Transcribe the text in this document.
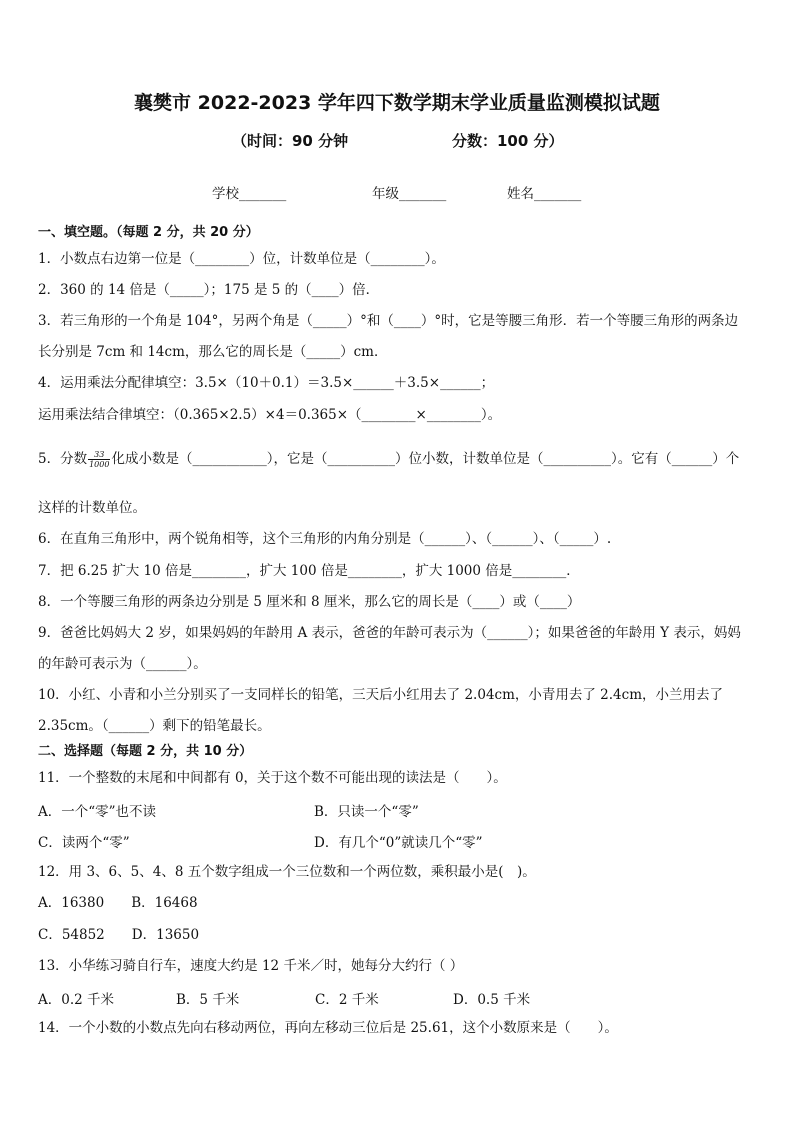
襄樊市 2022-2023 学年四下数学期末学业质量监测模拟试题
（时间：90 分钟	分数：100 分）
学校_______	年级_______	姓名_______
一、填空题。（每题 2 分，共 20 分）
1．小数点右边第一位是（________）位，计数单位是（________）。
2．360 的 14 倍是（_____）；175 是 5 的（____）倍．
3．若三角形的一个角是 104°，另两个角是（_____）°和（____）°时，它是等腰三角形．若一个等腰三角形的两条边
长分别是 7cm 和 14cm，那么它的周长是（_____）cm．
4．运用乘法分配律填空：3.5×（10＋0.1）＝3.5×______＋3.5×______；
运用乘法结合律填空：（0.365×2.5）×4＝0.365×（________×________）。
5．分数 $\frac{33}{1000}$ 化成小数是（___________），它是（__________）位小数，计数单位是（__________）。它有（______）个
这样的计数单位。
6．在直角三角形中，两个锐角相等，这个三角形的内角分别是（______）、（______）、（_____）.
7．把 6.25 扩大 10 倍是________，扩大 100 倍是________，扩大 1000 倍是________．
8．一个等腰三角形的两条边分别是 5 厘米和 8 厘米，那么它的周长是（____）或（____）
9．爸爸比妈妈大 2 岁，如果妈妈的年龄用 A 表示，爸爸的年龄可表示为（______）；如果爸爸的年龄用 Y 表示，妈妈
的年龄可表示为（______）。
10．小红、小青和小兰分别买了一支同样长的铅笔，三天后小红用去了 2.04cm，小青用去了 2.4cm，小兰用去了
2.35cm。（______）剩下的铅笔最长。
二、选择题（每题 2 分，共 10 分）
11．一个整数的末尾和中间都有 0，关于这个数不可能出现的读法是（　　）。
A．一个“零”也不读	B．只读一个“零”
C．读两个“零”	D．有几个“0”就读几个“零”
12．用 3、6、5、4、8 五个数字组成一个三位数和一个两位数，乘积最小是(　)。
A．16380　　B．16468
C．54852　　D．13650
13．小华练习骑自行车，速度大约是 12 千米／时，她每分大约行（ ）
A．0.2 千米	B．5 千米	C．2 千米	D．0.5 千米
14．一个小数的小数点先向右移动两位，再向左移动三位后是 25.61，这个小数原来是（　　）。
